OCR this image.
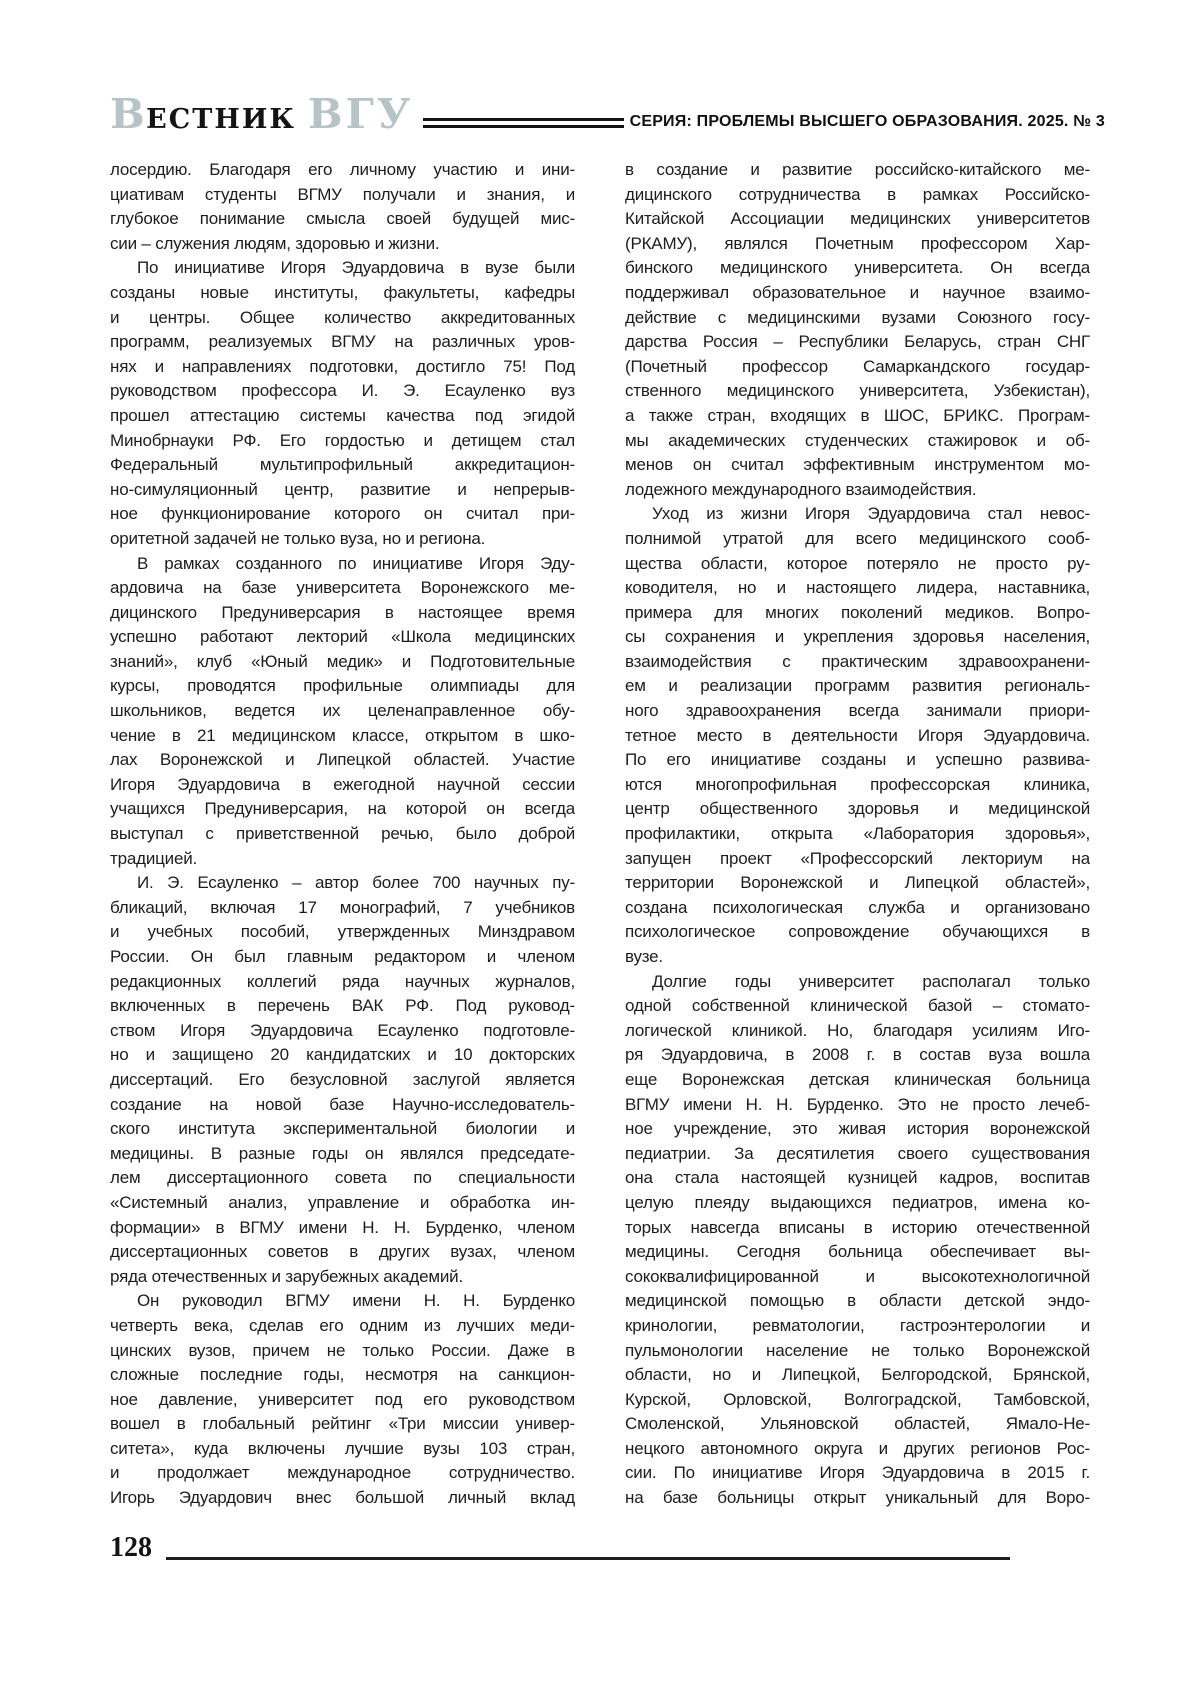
ВЕСТНИК ВГУ	СЕРИЯ: ПРОБЛЕМЫ ВЫСШЕГО ОБРАЗОВАНИЯ. 2025. № 3
лосердию. Благодаря его личному участию и ини-
циативам студенты ВГМУ получали и знания, и
глубокое понимание смысла своей будущей мис-
сии – служения людям, здоровью и жизни.
По инициативе Игоря Эдуардовича в вузе были
созданы новые институты, факультеты, кафедры
и центры. Общее количество аккредитованных
программ, реализуемых ВГМУ на различных уров-
нях и направлениях подготовки, достигло 75! Под
руководством профессора И. Э. Есауленко вуз
прошел аттестацию системы качества под эгидой
Минобрнауки РФ. Его гордостью и детищем стал
Федеральный мультипрофильный аккредитацион-
но-симуляционный центр, развитие и непрерыв-
ное функционирование которого он считал при-
оритетной задачей не только вуза, но и региона.
В рамках созданного по инициативе Игоря Эду-
ардовича на базе университета Воронежского ме-
дицинского Предуниверсария в настоящее время
успешно работают лекторий «Школа медицинских
знаний», клуб «Юный медик» и Подготовительные
курсы, проводятся профильные олимпиады для
школьников, ведется их целенаправленное обу-
чение в 21 медицинском классе, открытом в шко-
лах Воронежской и Липецкой областей. Участие
Игоря Эдуардовича в ежегодной научной сессии
учащихся Предуниверсария, на которой он всегда
выступал с приветственной речью, было доброй
традицией.
И. Э. Есауленко – автор более 700 научных пу-
бликаций, включая 17 монографий, 7 учебников
и учебных пособий, утвержденных Минздравом
России. Он был главным редактором и членом
редакционных коллегий ряда научных журналов,
включенных в перечень ВАК РФ. Под руковод-
ством Игоря Эдуардовича Есауленко подготовле-
но и защищено 20 кандидатских и 10 докторских
диссертаций. Его безусловной заслугой является
создание на новой базе Научно-исследователь-
ского института экспериментальной биологии и
медицины. В разные годы он являлся председате-
лем диссертационного совета по специальности
«Системный анализ, управление и обработка ин-
формации» в ВГМУ имени Н. Н. Бурденко, членом
диссертационных советов в других вузах, членом
ряда отечественных и зарубежных академий.
Он руководил ВГМУ имени Н. Н. Бурденко
четверть века, сделав его одним из лучших меди-
цинских вузов, причем не только России. Даже в
сложные последние годы, несмотря на санкцион-
ное давление, университет под его руководством
вошел в глобальный рейтинг «Три миссии универ-
ситета», куда включены лучшие вузы 103 стран,
и продолжает международное сотрудничество.
Игорь Эдуардович внес большой личный вклад
в создание и развитие российско-китайского ме-
дицинского сотрудничества в рамках Российско-
Китайской Ассоциации медицинских университетов
(РКАМУ), являлся Почетным профессором Хар-
бинского медицинского университета. Он всегда
поддерживал образовательное и научное взаимо-
действие с медицинскими вузами Союзного госу-
дарства Россия – Республики Беларусь, стран СНГ
(Почетный профессор Самаркандского государ-
ственного медицинского университета, Узбекистан),
а также стран, входящих в ШОС, БРИКС. Програм-
мы академических студенческих стажировок и об-
менов он считал эффективным инструментом мо-
лодежного международного взаимодействия.
Уход из жизни Игоря Эдуардовича стал невос-
полнимой утратой для всего медицинского сооб-
щества области, которое потеряло не просто ру-
ководителя, но и настоящего лидера, наставника,
примера для многих поколений медиков. Вопро-
сы сохранения и укрепления здоровья населения,
взаимодействия с практическим здравоохранени-
ем и реализации программ развития региональ-
ного здравоохранения всегда занимали приори-
тетное место в деятельности Игоря Эдуардовича.
По его инициативе созданы и успешно развива-
ются многопрофильная профессорская клиника,
центр общественного здоровья и медицинской
профилактики, открыта «Лаборатория здоровья»,
запущен проект «Профессорский лекториум на
территории Воронежской и Липецкой областей»,
создана психологическая служба и организовано
психологическое сопровождение обучающихся в
вузе.
Долгие годы университет располагал только
одной собственной клинической базой – стомато-
логической клиникой. Но, благодаря усилиям Иго-
ря Эдуардовича, в 2008 г. в состав вуза вошла
еще Воронежская детская клиническая больница
ВГМУ имени Н. Н. Бурденко. Это не просто лечеб-
ное учреждение, это живая история воронежской
педиатрии. За десятилетия своего существования
она стала настоящей кузницей кадров, воспитав
целую плеяду выдающихся педиатров, имена ко-
торых навсегда вписаны в историю отечественной
медицины. Сегодня больница обеспечивает вы-
сококвалифицированной и высокотехнологичной
медицинской помощью в области детской эндо-
кринологии, ревматологии, гастроэнтерологии и
пульмонологии население не только Воронежской
области, но и Липецкой, Белгородской, Брянской,
Курской, Орловской, Волгоградской, Тамбовской,
Смоленской, Ульяновской областей, Ямало-Не-
нецкого автономного округа и других регионов Рос-
сии. По инициативе Игоря Эдуардовича в 2015 г.
на базе больницы открыт уникальный для Воро-
128
